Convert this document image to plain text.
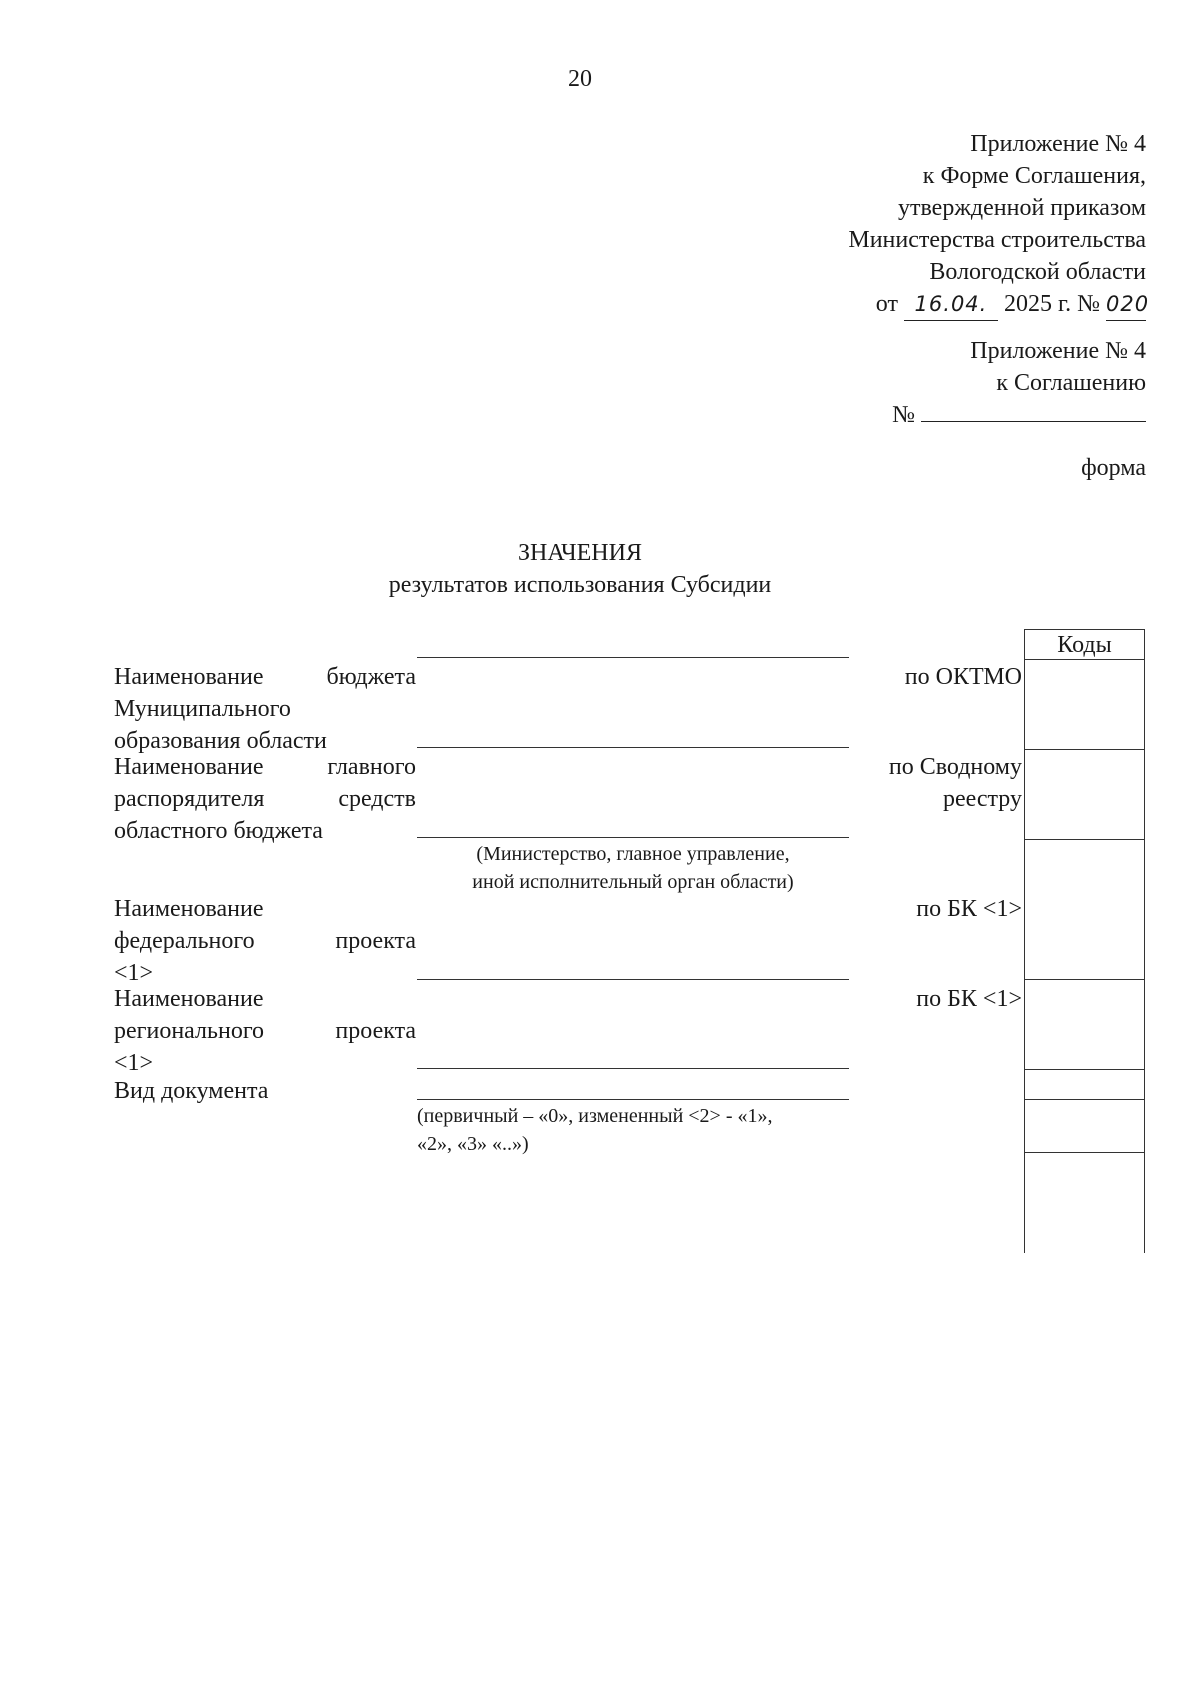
20
Приложение № 4
к Форме Соглашения,
утвержденной приказом
Министерства строительства
Вологодской области
от 16.04. 2025 г. № 020
Приложение № 4
к Соглашению
№
форма
ЗНАЧЕНИЯ
результатов использования Субсидии
Коды
Наименование бюджета
Муниципального
образования области
по ОКТМО
Наименование главного
распорядителя средств
областного бюджета
по Сводному
реестру
(Министерство, главное управление,
иной исполнительный орган области)
Наименование
федерального проекта
<1>
по БК <1>
Наименование
регионального проекта
<1>
по БК <1>
Вид документа
(первичный – «0», измененный <2> - «1»,
«2», «3» «..»)
